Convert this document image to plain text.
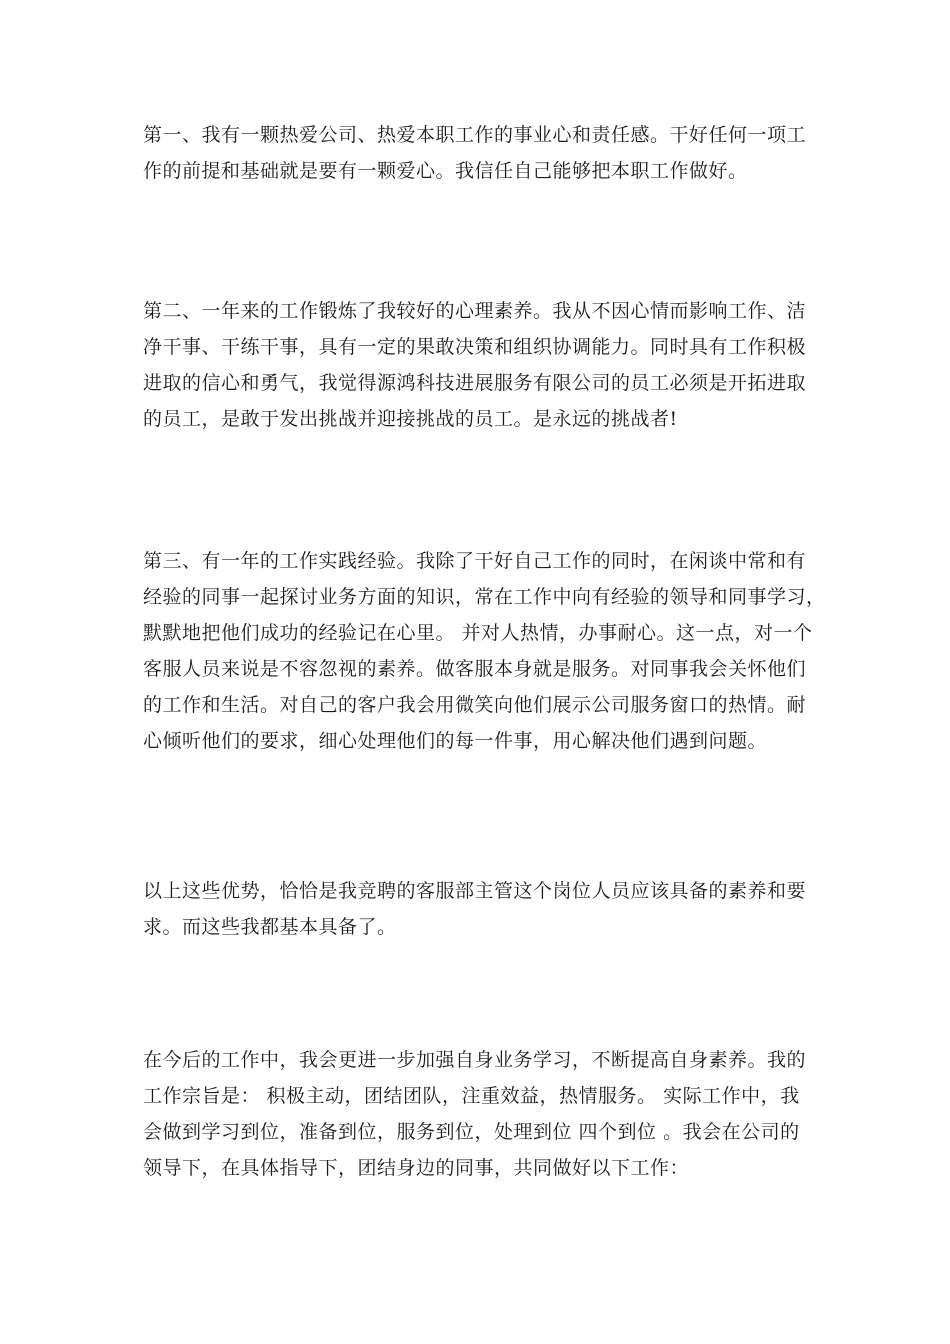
第一、我有一颗热爱公司、热爱本职工作的事业心和责任感。干好任何一项工
作的前提和基础就是要有一颗爱心。我信任自己能够把本职工作做好。

第二、一年来的工作锻炼了我较好的心理素养。我从不因心情而影响工作、洁
净干事、干练干事，具有一定的果敢决策和组织协调能力。同时具有工作积极
进取的信心和勇气，我觉得源鸿科技进展服务有限公司的员工必须是开拓进取
的员工，是敢于发出挑战并迎接挑战的员工。是永远的挑战者!

第三、有一年的工作实践经验。我除了干好自己工作的同时，在闲谈中常和有
经验的同事一起探讨业务方面的知识，常在工作中向有经验的领导和同事学习，
默默地把他们成功的经验记在心里。 并对人热情，办事耐心。这一点，对一个
客服人员来说是不容忽视的素养。做客服本身就是服务。对同事我会关怀他们
的工作和生活。对自己的客户我会用微笑向他们展示公司服务窗口的热情。耐
心倾听他们的要求，细心处理他们的每一件事，用心解决他们遇到问题。

以上这些优势，恰恰是我竞聘的客服部主管这个岗位人员应该具备的素养和要
求。而这些我都基本具备了。

在今后的工作中，我会更进一步加强自身业务学习，不断提高自身素养。我的
工作宗旨是： 积极主动，团结团队，注重效益，热情服务。 实际工作中，我
会做到学习到位，准备到位，服务到位，处理到位 四个到位 。我会在公司的
领导下，在具体指导下，团结身边的同事，共同做好以下工作：
